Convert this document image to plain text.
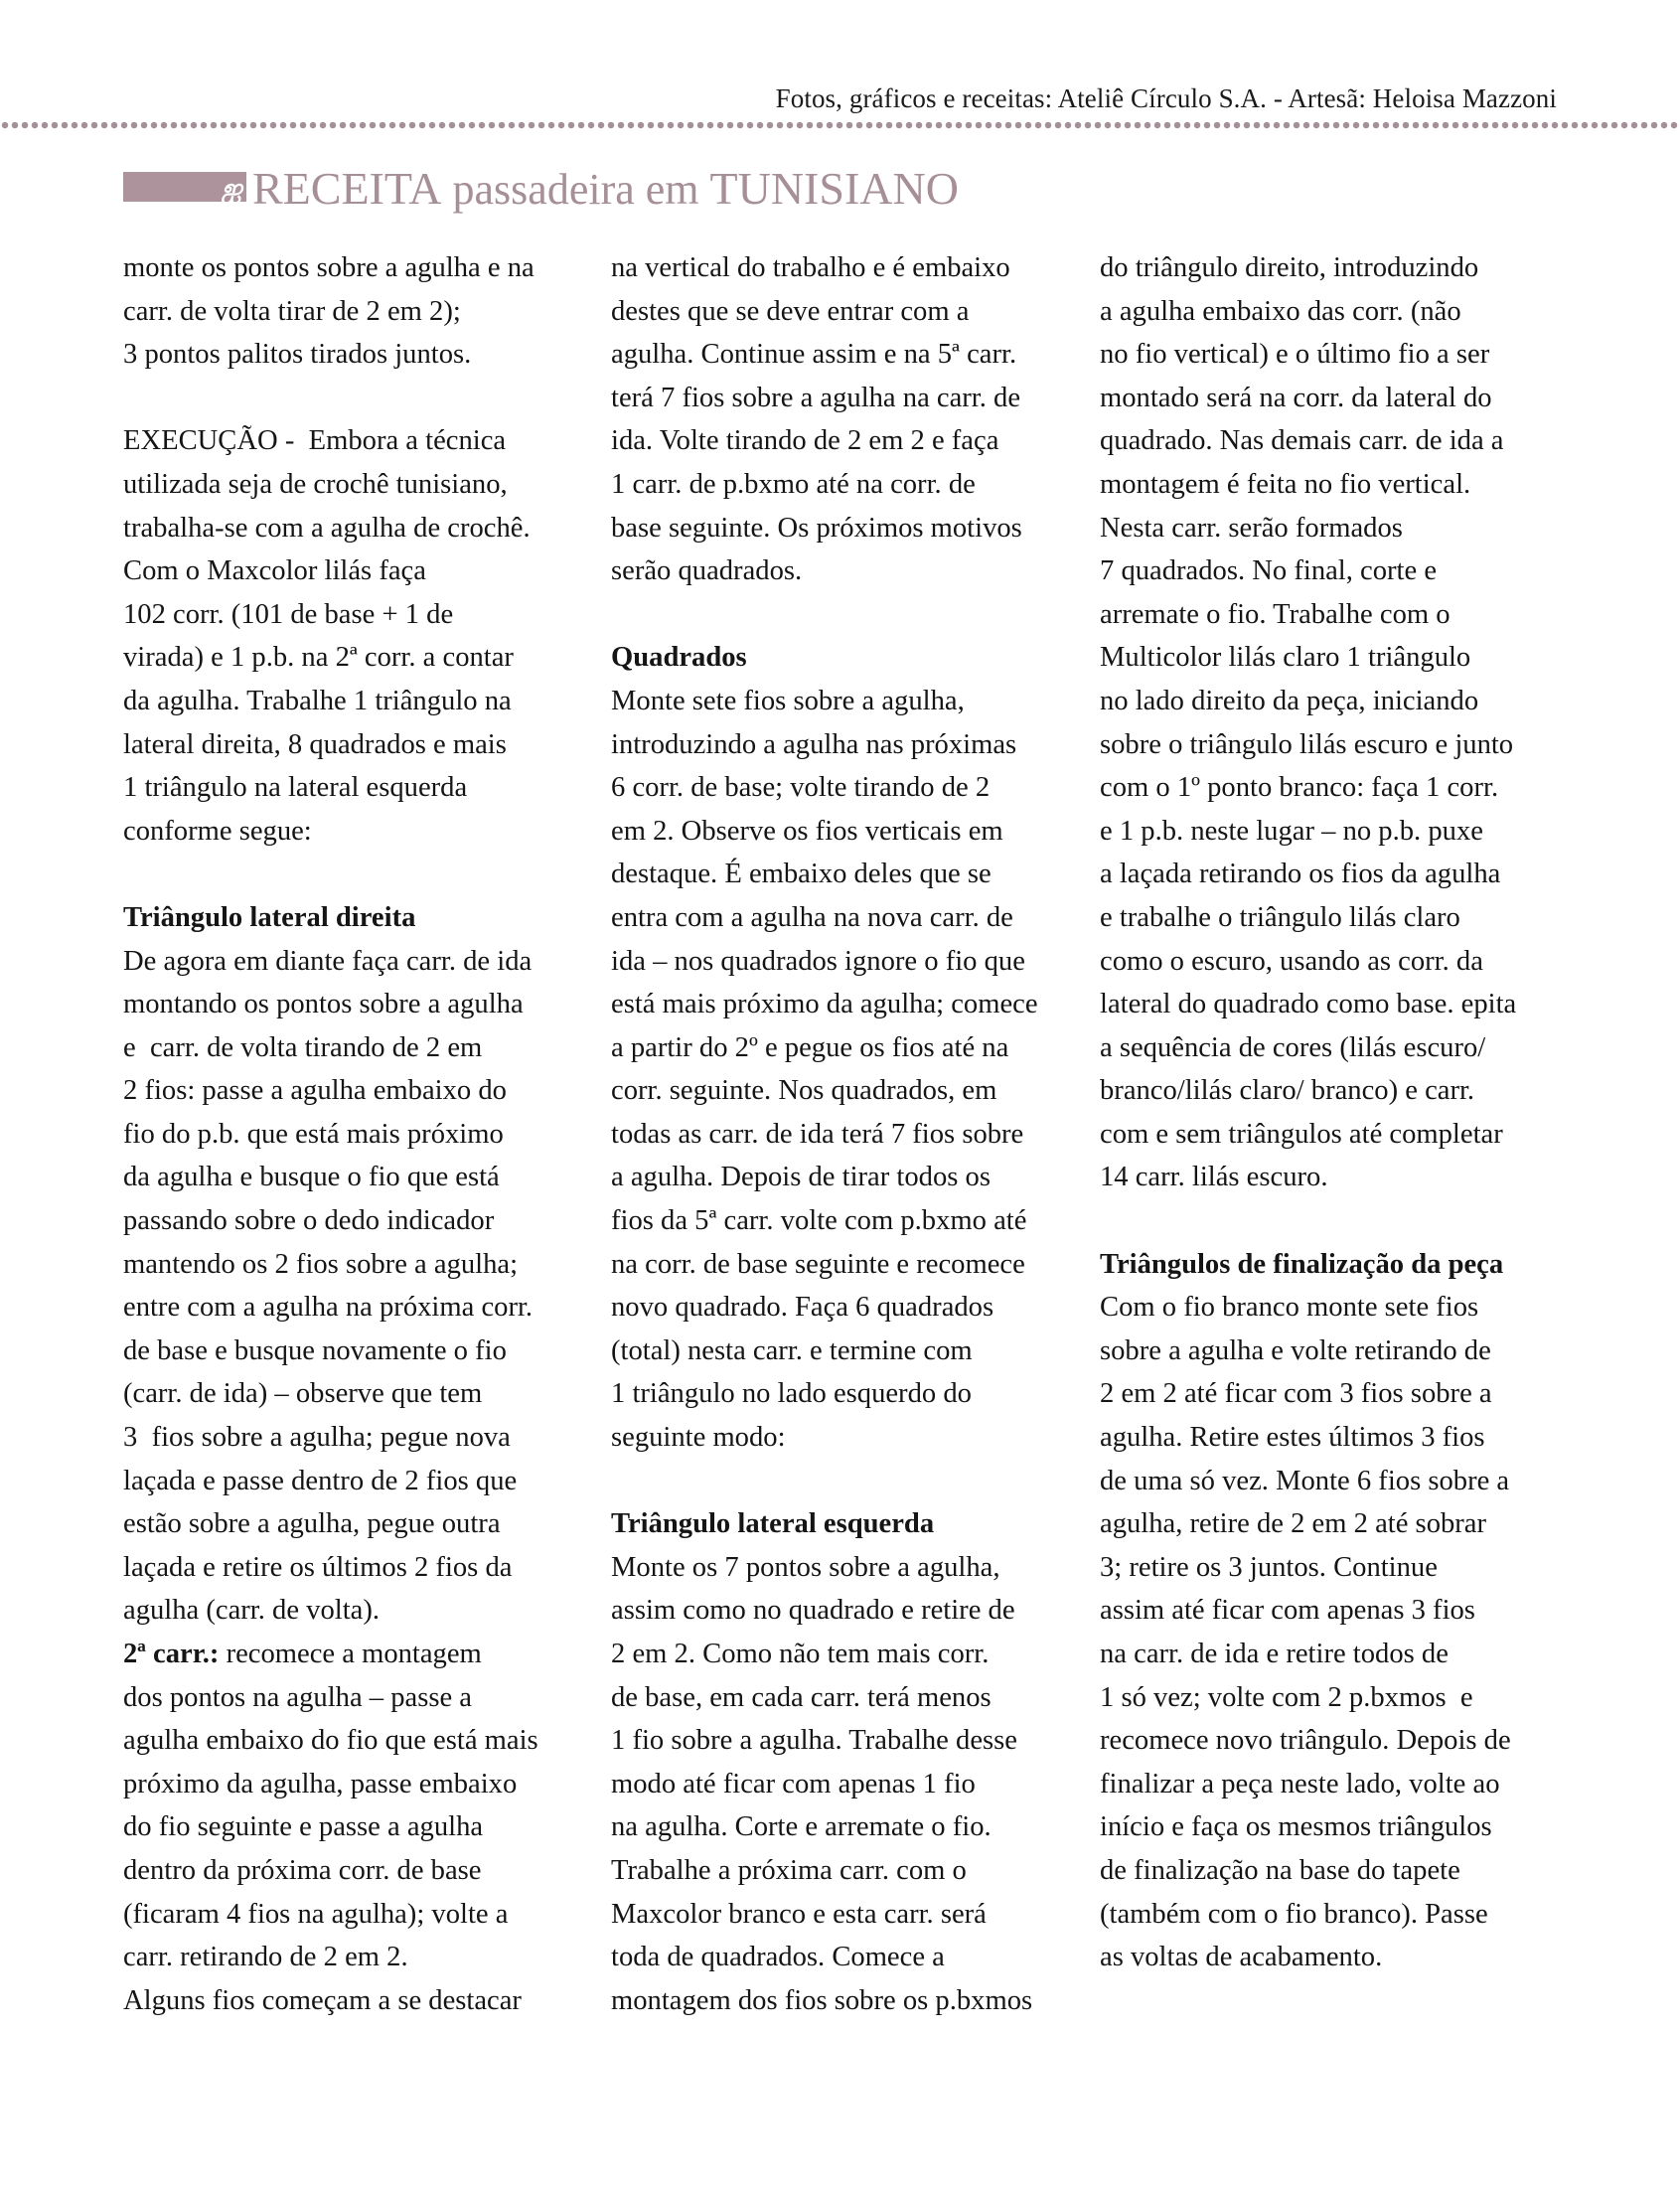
Fotos, gráficos e receitas: Ateliê Círculo S.A. - Artesã: Heloisa Mazzoni
ஐ RECEITA passadeira em TUNISIANO
monte os pontos sobre a agulha e na
carr. de volta tirar de 2 em 2);
3 pontos palitos tirados juntos.
EXECUÇÃO -  Embora a técnica
utilizada seja de crochê tunisiano,
trabalha-se com a agulha de crochê.
Com o Maxcolor lilás faça
102 corr. (101 de base + 1 de
virada) e 1 p.b. na 2ª corr. a contar
da agulha. Trabalhe 1 triângulo na
lateral direita, 8 quadrados e mais
1 triângulo na lateral esquerda
conforme segue:
Triângulo lateral direita
De agora em diante faça carr. de ida
montando os pontos sobre a agulha
e  carr. de volta tirando de 2 em
2 fios: passe a agulha embaixo do
fio do p.b. que está mais próximo
da agulha e busque o fio que está
passando sobre o dedo indicador
mantendo os 2 fios sobre a agulha;
entre com a agulha na próxima corr.
de base e busque novamente o fio
(carr. de ida) – observe que tem
3  fios sobre a agulha; pegue nova
laçada e passe dentro de 2 fios que
estão sobre a agulha, pegue outra
laçada e retire os últimos 2 fios da
agulha (carr. de volta).
2ª carr.: recomece a montagem
dos pontos na agulha – passe a
agulha embaixo do fio que está mais
próximo da agulha, passe embaixo
do fio seguinte e passe a agulha
dentro da próxima corr. de base
(ficaram 4 fios na agulha); volte a
carr. retirando de 2 em 2.
Alguns fios começam a se destacar
na vertical do trabalho e é embaixo
destes que se deve entrar com a
agulha. Continue assim e na 5ª carr.
terá 7 fios sobre a agulha na carr. de
ida. Volte tirando de 2 em 2 e faça
1 carr. de p.bxmo até na corr. de
base seguinte. Os próximos motivos
serão quadrados.
Quadrados
Monte sete fios sobre a agulha,
introduzindo a agulha nas próximas
6 corr. de base; volte tirando de 2
em 2. Observe os fios verticais em
destaque. É embaixo deles que se
entra com a agulha na nova carr. de
ida – nos quadrados ignore o fio que
está mais próximo da agulha; comece
a partir do 2º e pegue os fios até na
corr. seguinte. Nos quadrados, em
todas as carr. de ida terá 7 fios sobre
a agulha. Depois de tirar todos os
fios da 5ª carr. volte com p.bxmo até
na corr. de base seguinte e recomece
novo quadrado. Faça 6 quadrados
(total) nesta carr. e termine com
1 triângulo no lado esquerdo do
seguinte modo:
Triângulo lateral esquerda
Monte os 7 pontos sobre a agulha,
assim como no quadrado e retire de
2 em 2. Como não tem mais corr.
de base, em cada carr. terá menos
1 fio sobre a agulha. Trabalhe desse
modo até ficar com apenas 1 fio
na agulha. Corte e arremate o fio.
Trabalhe a próxima carr. com o
Maxcolor branco e esta carr. será
toda de quadrados. Comece a
montagem dos fios sobre os p.bxmos
do triângulo direito, introduzindo
a agulha embaixo das corr. (não
no fio vertical) e o último fio a ser
montado será na corr. da lateral do
quadrado. Nas demais carr. de ida a
montagem é feita no fio vertical.
Nesta carr. serão formados
7 quadrados. No final, corte e
arremate o fio. Trabalhe com o
Multicolor lilás claro 1 triângulo
no lado direito da peça, iniciando
sobre o triângulo lilás escuro e junto
com o 1º ponto branco: faça 1 corr.
e 1 p.b. neste lugar – no p.b. puxe
a laçada retirando os fios da agulha
e trabalhe o triângulo lilás claro
como o escuro, usando as corr. da
lateral do quadrado como base. epita
a sequência de cores (lilás escuro/
branco/lilás claro/ branco) e carr.
com e sem triângulos até completar
14 carr. lilás escuro.
Triângulos de finalização da peça
Com o fio branco monte sete fios
sobre a agulha e volte retirando de
2 em 2 até ficar com 3 fios sobre a
agulha. Retire estes últimos 3 fios
de uma só vez. Monte 6 fios sobre a
agulha, retire de 2 em 2 até sobrar
3; retire os 3 juntos. Continue
assim até ficar com apenas 3 fios
na carr. de ida e retire todos de
1 só vez; volte com 2 p.bxmos  e
recomece novo triângulo. Depois de
finalizar a peça neste lado, volte ao
início e faça os mesmos triângulos
de finalização na base do tapete
(também com o fio branco). Passe
as voltas de acabamento.
